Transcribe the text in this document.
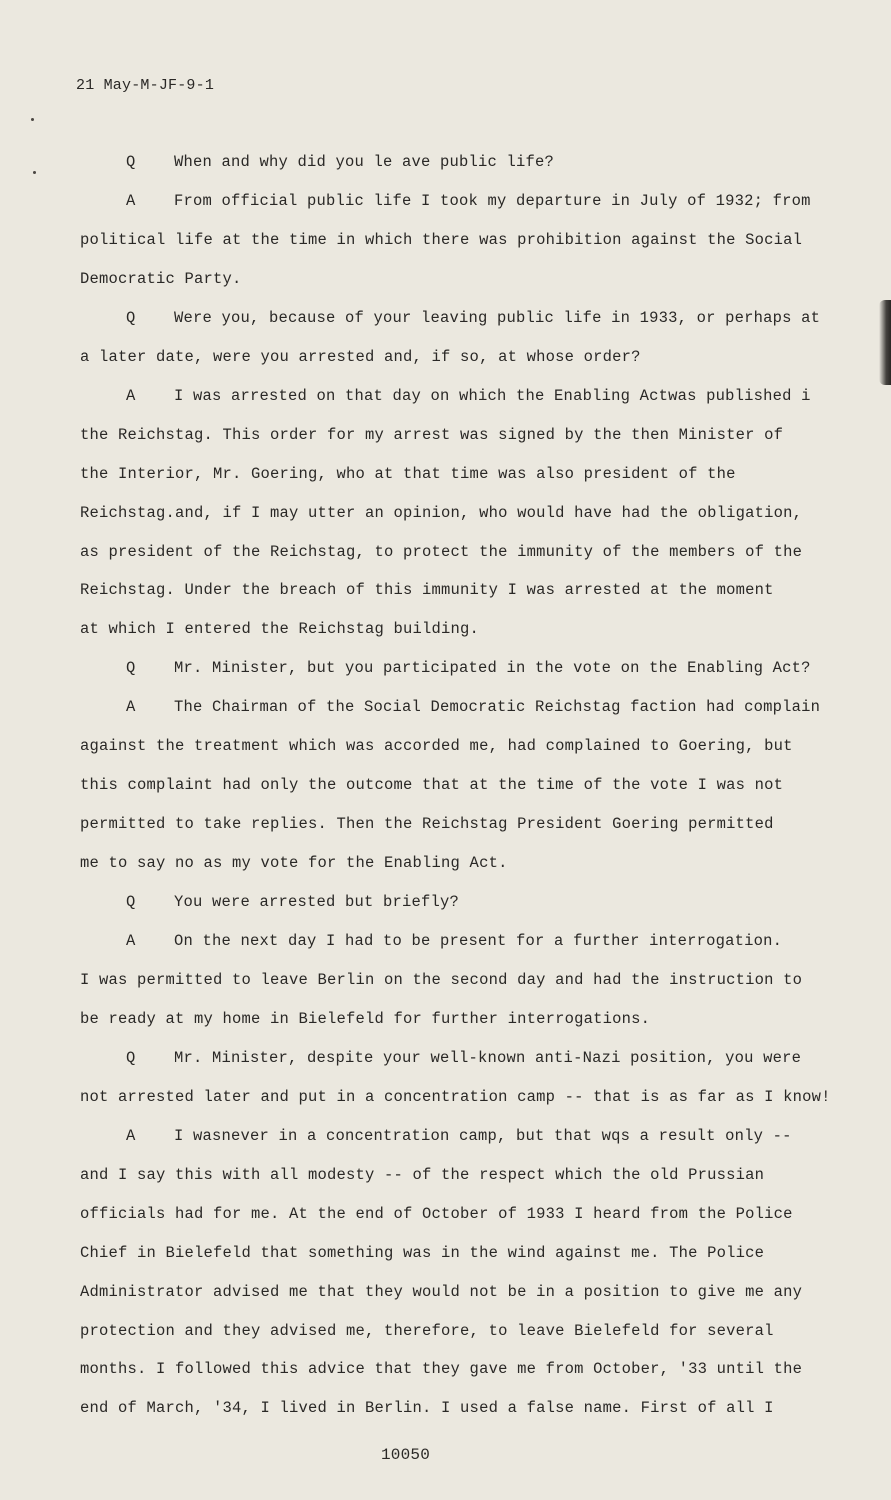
21 May-M-JF-9-1
Q When and why did you le ave public life?
A From official public life I took my departure in July of 1932; from
political life at the time in which there was prohibition against the Social
Democratic Party.
Q Were you, because of your leaving public life in 1933, or perhaps at
a later date, were you arrested and, if so, at whose order?
A I was arrested on that day on which the Enabling Actwas published i
the Reichstag. This order for my arrest was signed by the then Minister of
the Interior, Mr. Goering, who at that time was also president of the
Reichstag.and, if I may utter an opinion, who would have had the obligation,
as president of the Reichstag, to protect the immunity of the members of the
Reichstag. Under the breach of this immunity I was arrested at the moment
at which I entered the Reichstag building.
Q Mr. Minister, but you participated in the vote on the Enabling Act?
A The Chairman of the Social Democratic Reichstag faction had complain
against the treatment which was accorded me, had complained to Goering, but
this complaint had only the outcome that at the time of the vote I was not
permitted to take replies. Then the Reichstag President Goering permitted
me to say no as my vote for the Enabling Act.
Q You were arrested but briefly?
A On the next day I had to be present for a further interrogation.
I was permitted to leave Berlin on the second day and had the instruction to
be ready at my home in Bielefeld for further interrogations.
Q Mr. Minister, despite your well-known anti-Nazi position, you were
not arrested later and put in a concentration camp -- that is as far as I know!
A I wasnever in a concentration camp, but that wqs a result only --
and I say this with all modesty -- of the respect which the old Prussian
officials had for me. At the end of October of 1933 I heard from the Police
Chief in Bielefeld that something was in the wind against me. The Police
Administrator advised me that they would not be in a position to give me any
protection and they advised me, therefore, to leave Bielefeld for several
months. I followed this advice that they gave me from October, '33 until the
end of March, '34, I lived in Berlin. I used a false name. First of all I
10050
